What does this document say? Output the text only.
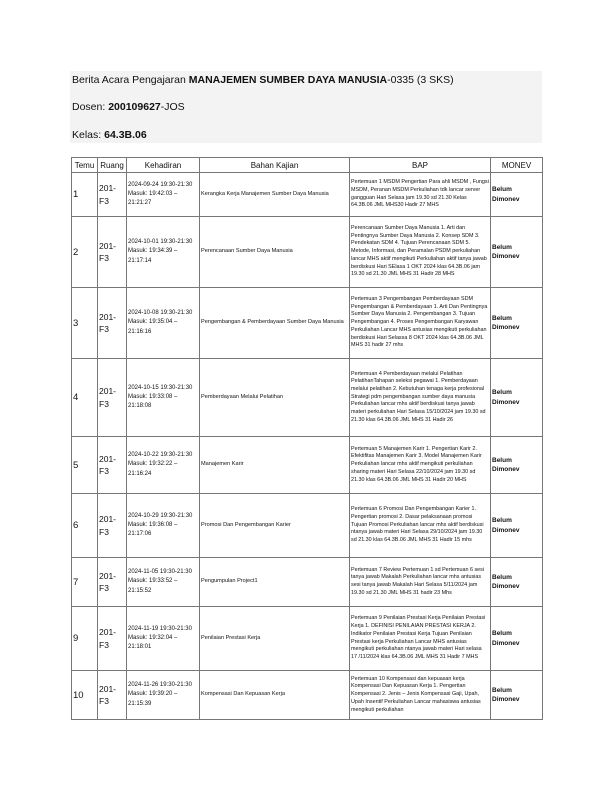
Berita Acara Pengajaran MANAJEMEN SUMBER DAYA MANUSIA-0335 (3 SKS)
Dosen: 200109627-JOS
Kelas: 64.3B.06
Temu	Ruang	Kehadiran	Bahan Kajian	BAP	MONEV
1	201-F3	2024-09-24 19:30-21:30
Masuk: 19:42:03 – 21:21:27	Kerangka Kerja Manajemen Sumber Daya Manusia	Pertemuan 1 MSDM Pengertian Para ahli MSDM , Fungsi MSDM, Peranan MSDM Perkuliahan tdk lancar server gangguan Hari Selasa jam 19.30 sd 21.30 Kelas 64.3B.06 JML MHS30 Hadir 27 MHS	Belum Dimonev
2	201-F3	2024-10-01 19:30-21:30
Masuk: 19:34:39 – 21:17:14	Perencanaan Sumber Daya Manusia	Perencanaan Sumber Daya Manusia 1. Arti dan Pentingnya Sumber Daya Manusia 2. Konsep SDM 3. Pendekatan SDM 4. Tujuan Perencanaan SDM 5. Metode, Informasi, dan Peramalan PSDM perkuliahan lancar MHS aktif mengikuti Perkuliahan aktif tanya jawab berdiskusi Hari SElasa 1 OKT 2024 klas 64.3B.06 jam 19.30 sd 21.30 JML MHS 31 Hadir 28 MHS	Belum Dimonev
3	201-F3	2024-10-08 19:30-21:30
Masuk: 19:35:04 – 21:16:16	Pengembangan & Pemberdayaan Sumber Daya Manusia	Pertemuan 3 Pengembangan Pemberdayaan SDM Pengembangan & Pemberdayaan 1. Arti Dan Pentingnya Sumber Daya Manusia 2. Pengembangan 3. Tujuan Pengembangan 4. Proses Pengembangan Karyawan Perkuliahan Lancar MHS antusias mengikuti perkuliahan berdiskusi Hari Selassa 8 OKT 2024 klas 64.3B.06 JML MHS 31 hadir 27 mhs	Belum Dimonev
4	201-F3	2024-10-15 19:30-21:30
Masuk: 19:33:08 – 21:18:08	Pemberdayaan Melalui Pelatihan	Pertemuan 4 Pemberdayaan melalui Pelatihan PelatihanTahapan seleksi pegawai 1. Pemberdayaan melalui pelatihan 2. Kebutuhan tenaga kerja profesional Strategi pdm pengembangan sumber daya manusia Perkuliahan lancar mhs aktif berdiskusi tanya jawab materi perkuliahan Hari Selasa 15/10/2024 jam 19.30 sd 21.30 klas 64.3B.06 JML MHS 31 Hadir 26	Belum Dimonev
5	201-F3	2024-10-22 19:30-21:30
Masuk: 19:32:22 – 21:16:24	Manajemen Karir	Pertemuan 5 Manajemen Karir 1. Pengertian Karir 2. Efektifitas Manajemen Karir 3. Model Manajemen Karir Perkuliahan lancar mhs aktif mengikuti perkuliahan sharing materi Hari Selasa 22/10/2024 jam 19.30 sd 21.30 klas 64.3B.06 JML MHS 31 Hadir 20 MHS	Belum Dimonev
6	201-F3	2024-10-29 19:30-21:30
Masuk: 19:36:08 – 21:17:06	Promosi Dan Pengembangan Karier	Pertemuan 6 Promosi Dan Pengembangan Karier 1. Pengertian promosi 2. Dasar pelaksanaan promosi Tujuan Promosi Perkuliahan lancar mhs aktif berdiskusi ntanya jawab materi Hari Selasa 29/10/2024 jam 19.30 sd 21.30 klas 64.3B.06 JML MHS 31 Hadir 15 mhs	Belum Dimonev
7	201-F3	2024-11-05 19:30-21:30
Masuk: 19:33:52 – 21:15:52	Pengumpulan Project1	Pertemuan 7 Review Pertemuan 1 sd Pertemuan 6 sesi tanya jawab Makalah Perkuliahan lancar mhs antusias sesi tanya jawab Makalah Hari Selasa 5/11/2024 jam 19.30 sd 21.30 JML MHS 31 hadir 23 Mhs	Belum Dimonev
9	201-F3	2024-11-19 19:30-21:30
Masuk: 19:32:04 – 21:18:01	Penilaian Prestasi Kerja	Pertemuan 9 Penilaian Prestasi Kerja Penilaian Prestasi Kerja 1. DEFINISI PENILAIAN PRESTASI KERJA 2. Indikator Penilaian Prestasi Kerja Tujuan Penilaian Prestasi kerja Perkuliahan Lancar MHS antusias mengikuti perkuliahan ntanya jawab materi Hari selasa 17 /11/2024 klas 64.3B.06 JML MHS 31 Hadir 7 MHS	Belum Dimonev
10	201-F3	2024-11-26 19:30-21:30
Masuk: 19:39:20 – 21:15:39	Kompensasi Dan Kepuasan Kerja	Pertemuan 10 Kompensasi dan kepuasan kerja Kompensasi Dan Kepuasan Kerja 1. Pengertian Kompensasi 2. Jenis – Jenis Kompensasi Gaji, Upah, Upah Insentif Perkuliahan Lancar mahasiswa antusias mengikuti perkuliahan	Belum Dimonev
